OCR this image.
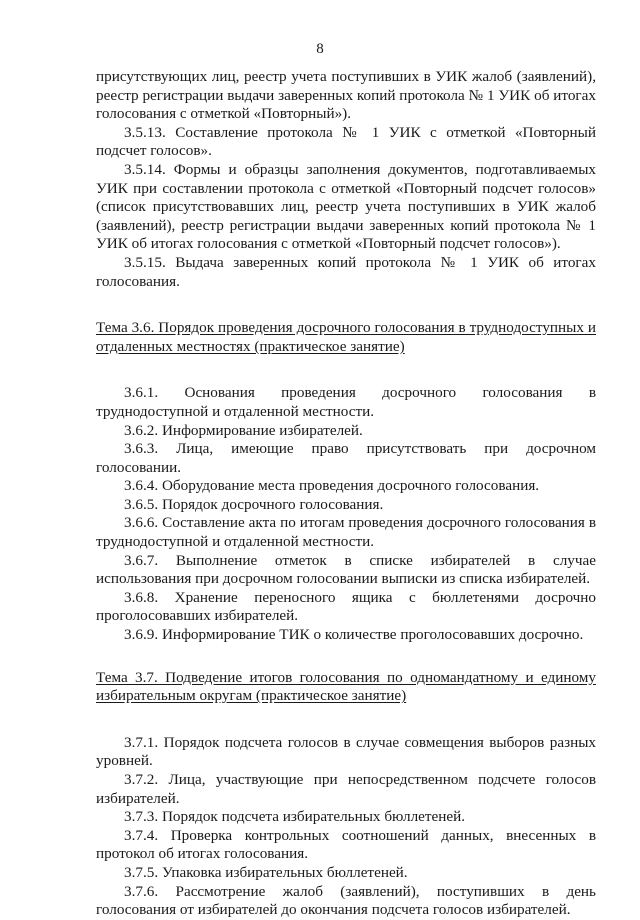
8

присутствующих лиц, реестр учета поступивших в УИК жалоб (заявлений), реестр регистрации выдачи заверенных копий протокола № 1 УИК об итогах голосования с отметкой «Повторный»).

3.5.13. Составление протокола № 1 УИК с отметкой «Повторный подсчет голосов».

3.5.14. Формы и образцы заполнения документов, подготавливаемых УИК при составлении протокола с отметкой «Повторный подсчет голосов» (список присутствовавших лиц, реестр учета поступивших в УИК жалоб (заявлений), реестр регистрации выдачи заверенных копий протокола № 1 УИК об итогах голосования с отметкой «Повторный подсчет голосов»).

3.5.15. Выдача заверенных копий протокола № 1 УИК об итогах голосования.

Тема 3.6. Порядок проведения досрочного голосования в труднодоступных и отдаленных местностях (практическое занятие)

3.6.1. Основания проведения досрочного голосования в труднодоступной и отдаленной местности.

3.6.2. Информирование избирателей.

3.6.3. Лица, имеющие право присутствовать при досрочном голосовании.

3.6.4. Оборудование места проведения досрочного голосования.

3.6.5. Порядок досрочного голосования.

3.6.6. Составление акта по итогам проведения досрочного голосования в труднодоступной и отдаленной местности.

3.6.7. Выполнение отметок в списке избирателей в случае использования при досрочном голосовании выписки из списка избирателей.

3.6.8. Хранение переносного ящика с бюллетенями досрочно проголосовавших избирателей.

3.6.9. Информирование ТИК о количестве проголосовавших досрочно.

Тема 3.7. Подведение итогов голосования по одномандатному и единому избирательным округам (практическое занятие)

3.7.1. Порядок подсчета голосов в случае совмещения выборов разных уровней.

3.7.2. Лица, участвующие при непосредственном подсчете голосов избирателей.

3.7.3. Порядок подсчета избирательных бюллетеней.

3.7.4. Проверка контрольных соотношений данных, внесенных в протокол об итогах голосования.

3.7.5. Упаковка избирательных бюллетеней.

3.7.6. Рассмотрение жалоб (заявлений), поступивших в день голосования от избирателей до окончания подсчета голосов избирателей.
